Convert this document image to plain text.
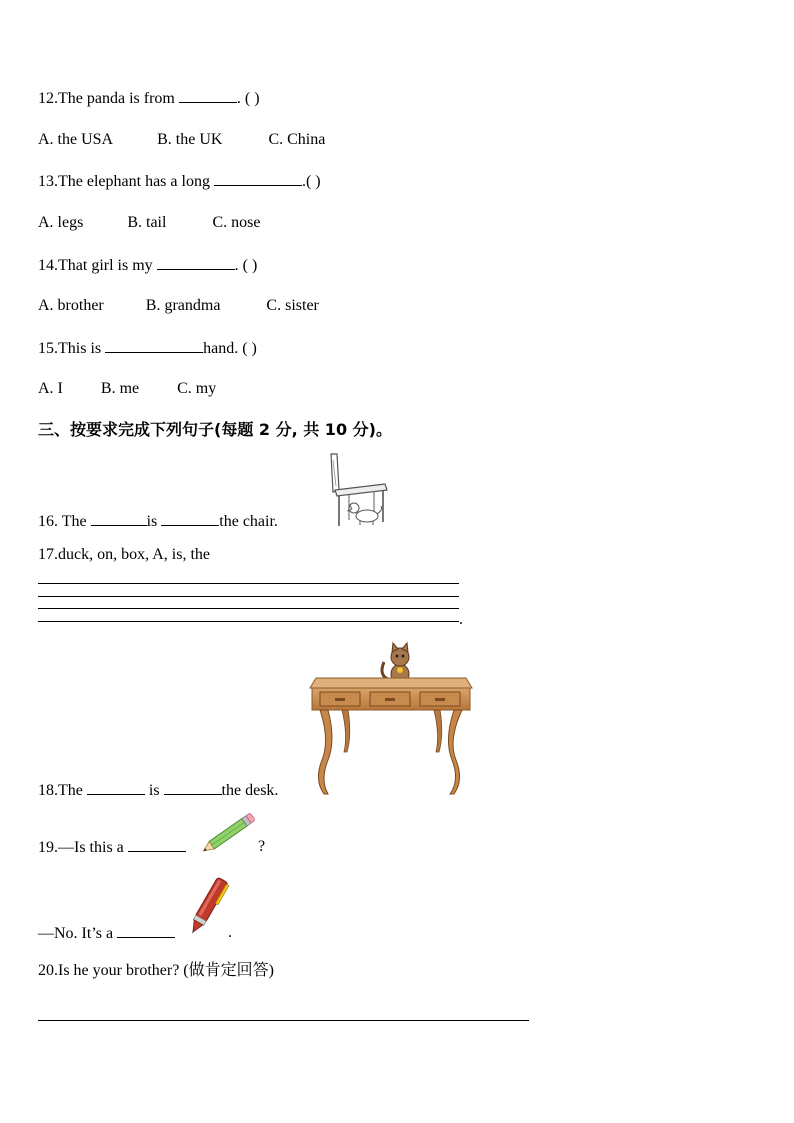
12.The panda is from	. ( )
A. the USA	B. the UK	C. China
13.The elephant has a long	.( )
A. legs	B. tail	C. nose
14.That girl is my	. ( )
A. brother	B. grandma	C. sister
15.This is	hand. ( )
A. I B. me C. my
三、按要求完成下列句子(每题 2 分, 共 10 分)。
16. The	is	the chair.
17.duck, on, box, A, is, the
.
18.The	is	the desk.
19.—Is this a	?
—No. It’s a	.
20.Is he your brother? (做肯定回答)
